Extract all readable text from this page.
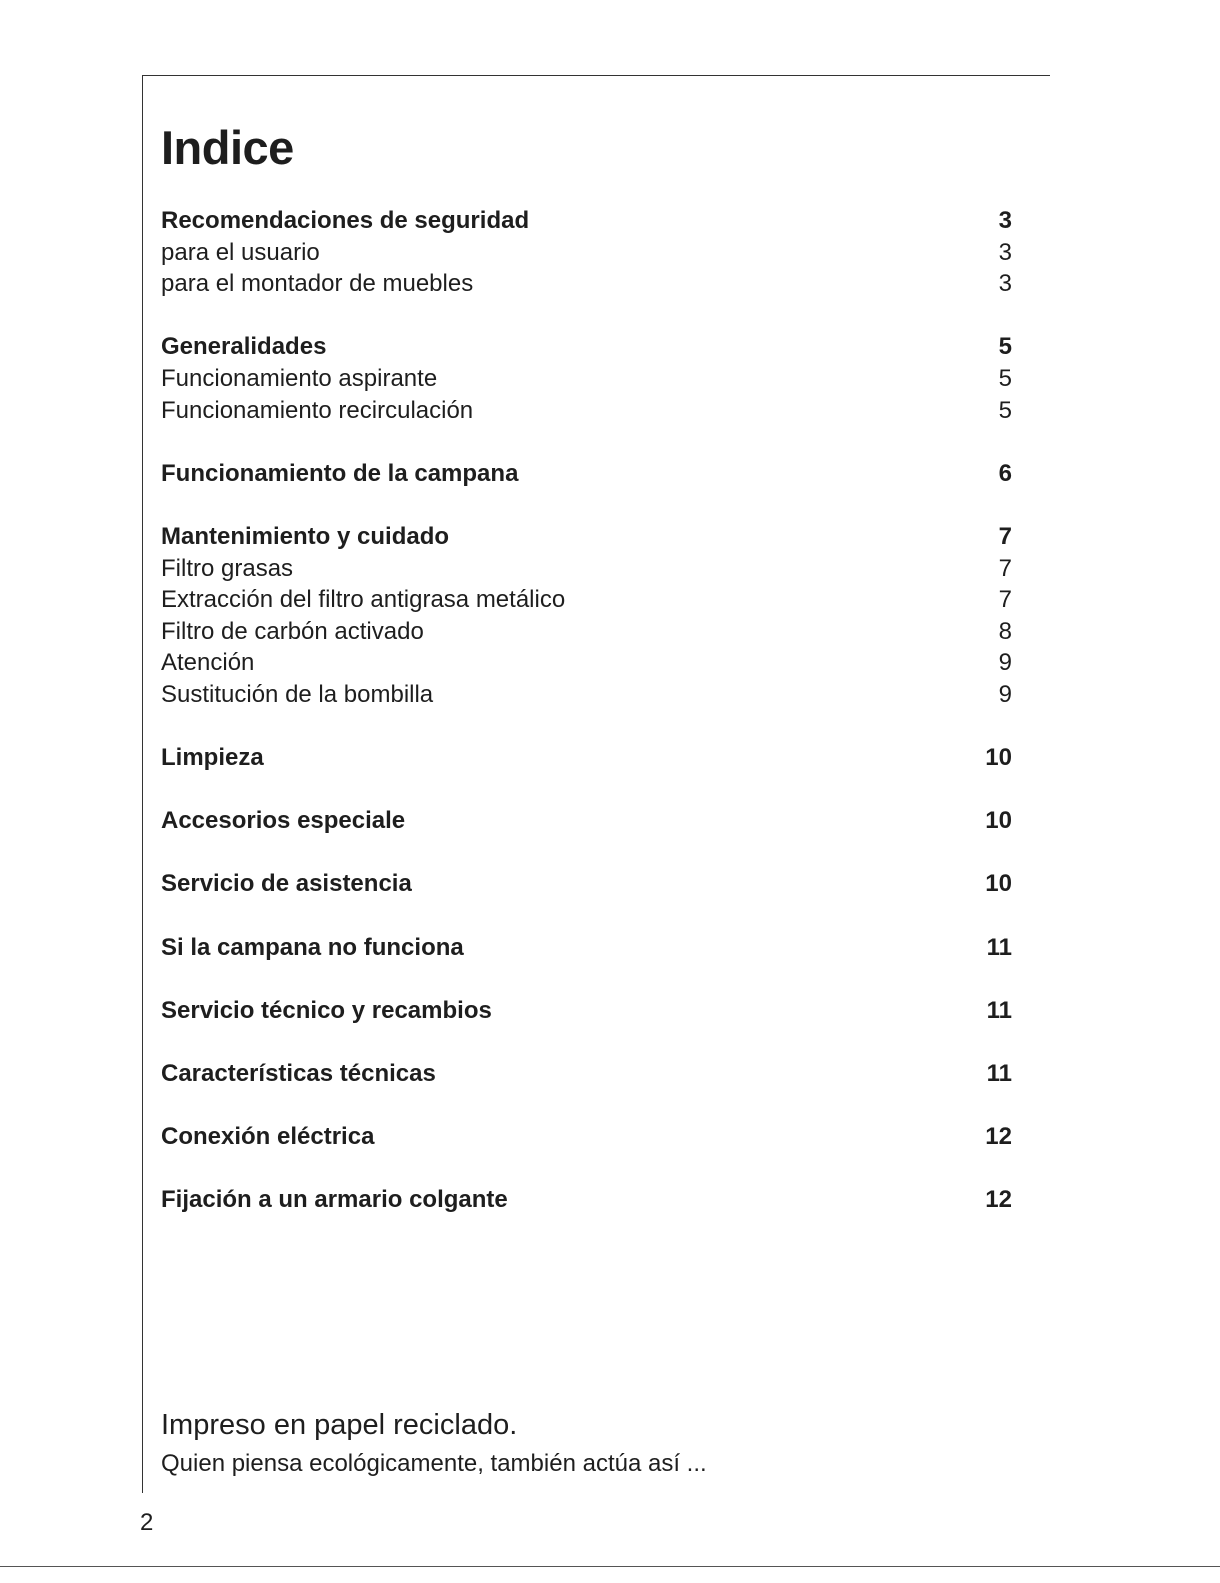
Indice
Recomendaciones de seguridad	3
para el usuario	3
para el montador de muebles	3
Generalidades	5
Funcionamiento aspirante	5
Funcionamiento recirculación	5
Funcionamiento de la campana	6
Mantenimiento y cuidado	7
Filtro grasas	7
Extracción del filtro antigrasa metálico	7
Filtro de carbón activado	8
Atención	9
Sustitución de la bombilla	9
Limpieza	10
Accesorios especiale	10
Servicio de asistencia	10
Si la campana no funciona	11
Servicio técnico y recambios	11
Características técnicas	11
Conexión eléctrica	12
Fijación a un armario colgante	12
Impreso en papel reciclado.
Quien piensa ecológicamente, también actúa así ...
2
